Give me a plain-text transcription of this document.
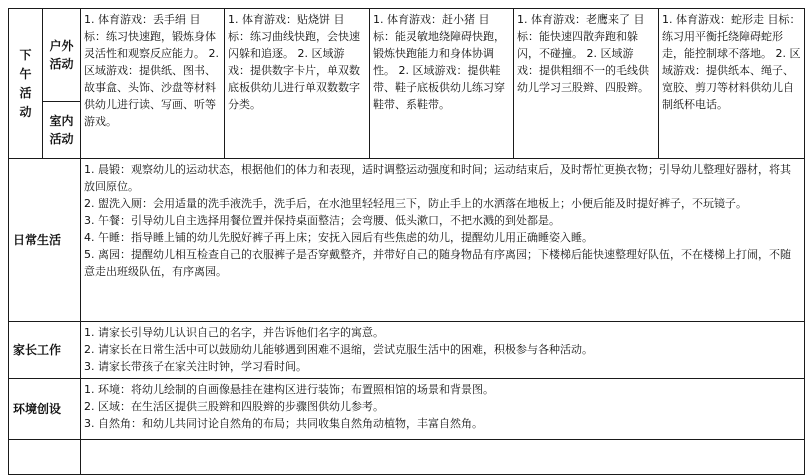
下午活动	户外活动	1. 体育游戏：丢手绢 目标：练习快速跑，锻炼身体灵活性和观察反应能力。 2. 区域游戏：提供纸、图书、故事盒、头饰、沙盘等材料供幼儿进行读、写画、听等游戏。	1. 体育游戏：贴烧饼 目标：练习曲线快跑，会快速闪躲和追逐。 2. 区域游戏：提供数字卡片，单双数底板供幼儿进行单双数数字分类。	1. 体育游戏：赶小猪 目标：能灵敏地绕障碍快跑，锻炼快跑能力和身体协调性。 2. 区域游戏：提供鞋带、鞋子底板供幼儿练习穿鞋带、系鞋带。	1. 体育游戏：老鹰来了 目标：能快速四散奔跑和躲闪，不碰撞。 2. 区域游戏：提供粗细不一的毛线供幼儿学习三股辫、四股辫。	1. 体育游戏：蛇形走 目标：练习用平衡托绕障碍蛇形走，能控制球不落地。 2. 区域游戏：提供纸本、绳子、宽胶、剪刀等材料供幼儿自制纸杯电话。

	室内活动					

日常生活		1. 晨锻：观察幼儿的运动状态，根据他们的体力和表现，适时调整运动强度和时间；运动结束后，及时帮忙更换衣物；引导幼儿整理好器材，将其放回原位。
2. 盥洗入厕：会用适量的洗手液洗手，洗手后，在水池里轻轻甩三下，防止手上的水洒落在地板上；小便后能及时提好裤子，不玩镜子。
3. 午餐：引导幼儿自主选择用餐位置并保持桌面整洁；会弯腰、低头漱口，不把水溅的到处都是。
4. 午睡：指导睡上铺的幼儿先脱好裤子再上床；安抚入园后有些焦虑的幼儿，提醒幼儿用正确睡姿入睡。
5. 离园：提醒幼儿相互检查自己的衣服裤子是否穿戴整齐，并带好自己的随身物品有序离园；下楼梯后能快速整理好队伍，不在楼梯上打闹，不随意走出班级队伍，有序离园。				

家长工作		1. 请家长引导幼儿认识自己的名字，并告诉他们名字的寓意。
2. 请家长在日常生活中可以鼓励幼儿能够遇到困难不退缩，尝试克服生活中的困难，积极参与各种活动。
3. 请家长带孩子在家关注时钟，学习看时间。				

环境创设		1. 环境：将幼儿绘制的自画像悬挂在建构区进行装饰；布置照相馆的场景和背景图。
2. 区域：在生活区提供三股辫和四股辫的步骤图供幼儿参考。
3. 自然角：和幼儿共同讨论自然角的布局；共同收集自然角动植物，丰富自然角。				
